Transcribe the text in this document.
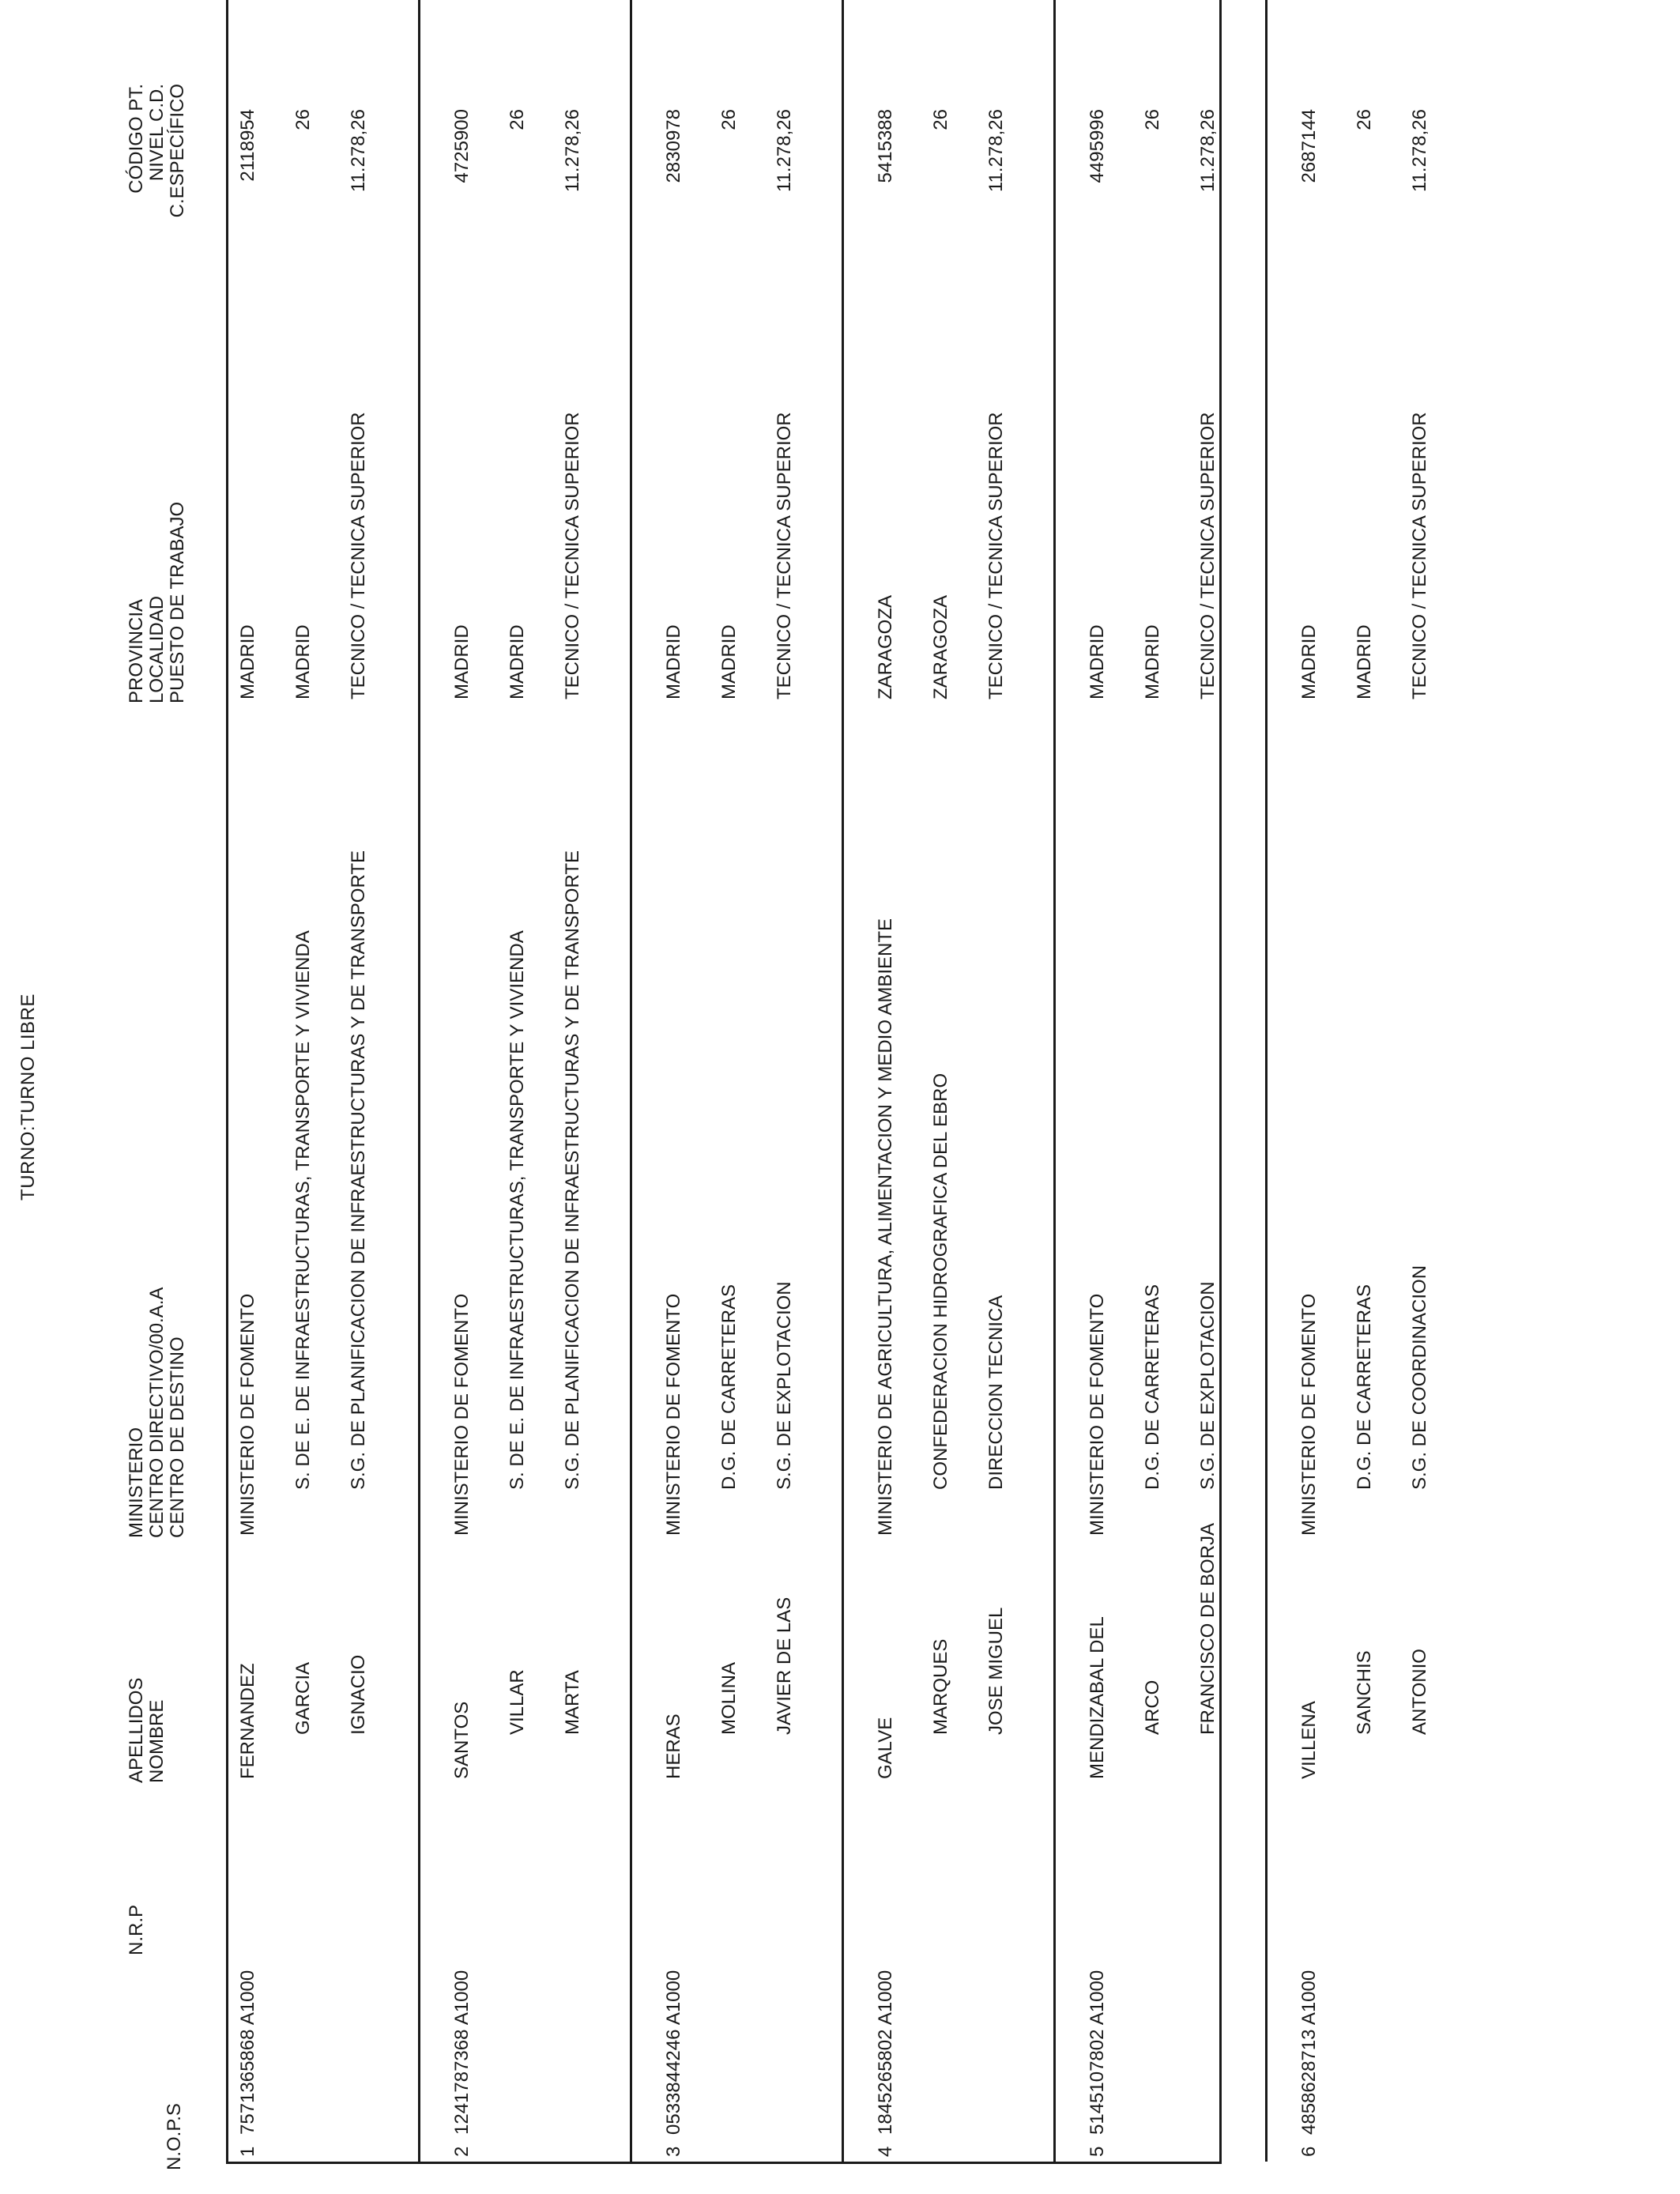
TURNO:TURNO LIBRE
N.O.P.S
N.R.P
APELLIDOS NOMBRE
MINISTERIO CENTRO DIRECTIVO/00.A.A CENTRO DE DESTINO
PROVINCIA LOCALIDAD PUESTO DE TRABAJO
CÓDIGO PT. NIVEL C.D. C.ESPECÍFICO
1
7571365868 A1000
FERNANDEZ GARCIA IGNACIO
MINISTERIO DE FOMENTO S. DE E. DE INFRAESTRUCTURAS, TRANSPORTE Y VIVIENDA S.G. DE PLANIFICACION DE INFRAESTRUCTURAS Y DE TRANSPORTE
MADRID MADRID TECNICO / TECNICA SUPERIOR
2118954 26 11.278,26
2
1241787368 A1000
SANTOS VILLAR MARTA
MINISTERIO DE FOMENTO S. DE E. DE INFRAESTRUCTURAS, TRANSPORTE Y VIVIENDA S.G. DE PLANIFICACION DE INFRAESTRUCTURAS Y DE TRANSPORTE
MADRID MADRID TECNICO / TECNICA SUPERIOR
4725900 26 11.278,26
3
0533844246 A1000
HERAS
MOLINA JAVIER DE LAS
MINISTERIO DE FOMENTO D.G. DE CARRETERAS S.G. DE EXPLOTACION
MADRID MADRID TECNICO / TECNICA SUPERIOR
2830978 26 11.278,26
4
1845265802 A1000
GALVE
MARQUES JOSE MIGUEL
MINISTERIO DE AGRICULTURA, ALIMENTACION Y MEDIO AMBIENTE CONFEDERACION HIDROGRAFICA DEL EBRO DIRECCION TECNICA
ZARAGOZA ZARAGOZA TECNICO / TECNICA SUPERIOR
5415388 26 11.278,26
5
5145107802 A1000
MENDIZABAL DEL ARCO FRANCISCO DE BORJA
MINISTERIO DE FOMENTO D.G. DE CARRETERAS S.G. DE EXPLOTACION
MADRID MADRID TECNICO / TECNICA SUPERIOR
4495996 26 11.278,26
6
4858628713 A1000
VILLENA
SANCHIS ANTONIO
MINISTERIO DE FOMENTO D.G. DE CARRETERAS S.G. DE COORDINACION
MADRID MADRID TECNICO / TECNICA SUPERIOR
2687144 26 11.278,26
